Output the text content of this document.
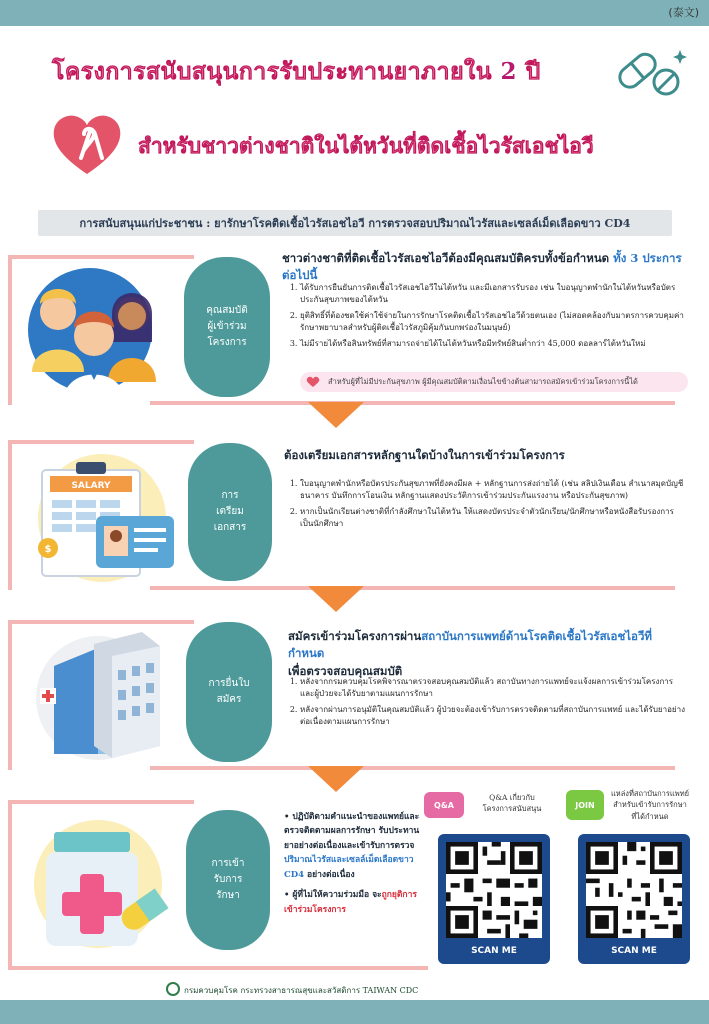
(泰文)
โครงการสนับสนุนการรับประทานยาภายใน 2 ปี
สำหรับชาวต่างชาติในไต้หวันที่ติดเชื้อไวรัสเอชไอวี
การสนับสนุนแก่ประชาชน : ยารักษาโรคติดเชื้อไวรัสเอชไอวี การตรวจสอบปริมาณไวรัสและเซลล์เม็ดเลือดขาว CD4
คุณสมบัติ
ผู้เข้าร่วม
โครงการ
ชาวต่างชาติที่ติดเชื้อไวรัสเอชไอวีต้องมีคุณสมบัติครบทั้งข้อกำหนด ทั้ง 3 ประการต่อไปนี้
1. ได้รับการยืนยันการติดเชื้อไวรัสเอชไอวีในไต้หวัน และมีเอกสารรับรอง เช่น ใบอนุญาตพำนักในไต้หวันหรือบัตรประกันสุขภาพของไต้หวัน
2. ยุติสิทธิ์ที่ต้องชดใช้ค่าใช้จ่ายในการรักษาโรคติดเชื้อไวรัสเอชไอวีด้วยตนเอง (ไม่สอดคล้องกับมาตรการควบคุมค่ารักษาพยาบาลสำหรับผู้ติดเชื้อไวรัสภูมิคุ้มกันบกพร่องในมนุษย์)
3. ไม่มีรายได้หรือสินทรัพย์ที่สามารถจ่ายได้ในไต้หวันหรือมีทรัพย์สินต่ำกว่า 45,000 ดอลลาร์ไต้หวันใหม่
สำหรับผู้ที่ไม่มีประกันสุขภาพ ผู้มีคุณสมบัติตามเงื่อนไขข้างต้นสามารถสมัครเข้าร่วมโครงการนี้ได้
SALARY
$
การ
เตรียม
เอกสาร
ต้องเตรียมเอกสารหลักฐานใดบ้างในการเข้าร่วมโครงการ
1. ใบอนุญาตพำนักหรือบัตรประกันสุขภาพที่ยังคงมีผล + หลักฐานการส่งถ่ายได้ (เช่น สลิปเงินเดือน สำเนาสมุดบัญชีธนาคาร บันทึกการโอนเงิน หลักฐานแสดงประวัติการเข้าร่วมประกันแรงงาน หรือประกันสุขภาพ)
2. หากเป็นนักเรียนต่างชาติที่กำลังศึกษาในไต้หวัน ให้แสดงบัตรประจำตัวนักเรียน/นักศึกษาหรือหนังสือรับรองการเป็นนักศึกษา
การยื่นใบ
สมัคร
สมัครเข้าร่วมโครงการผ่านสถาบันการแพทย์ด้านโรคติดเชื้อไวรัสเอชไอวีที่กำหนด
เพื่อตรวจสอบคุณสมบัติ
1. หลังจากกรมควบคุมโรคพิจารณาตรวจสอบคุณสมบัติแล้ว สถาบันทางการแพทย์จะแจ้งผลการเข้าร่วมโครงการ และผู้ป่วยจะได้รับยาตามแผนการรักษา
2. หลังจากผ่านการอนุมัติในคุณสมบัติแล้ว ผู้ป่วยจะต้องเข้ารับการตรวจติดตามที่สถาบันการแพทย์ และได้รับยาอย่างต่อเนื่องตามแผนการรักษา
การเข้า
รับการ
รักษา
• ปฏิบัติตามคำแนะนำของแพทย์และตรวจติดตามผลการรักษา รับประทานยาอย่างต่อเนื่องและเข้ารับการตรวจ ปริมาณไวรัสและเซลล์เม็ดเลือดขาว CD4 อย่างต่อเนื่อง
• ผู้ที่ไม่ให้ความร่วมมือ จะถูกยุติการเข้าร่วมโครงการ
Q&A
Q&A เกี่ยวกับ
โครงการสนับสนุน
SCAN ME
JOIN
แหล่งที่สถาบันการแพทย์
สำหรับเข้ารับการรักษา
ที่ได้กำหนด
SCAN ME
กรมควบคุมโรค กระทรวงสาธารณสุขและสวัสดิการ TAIWAN CDC
